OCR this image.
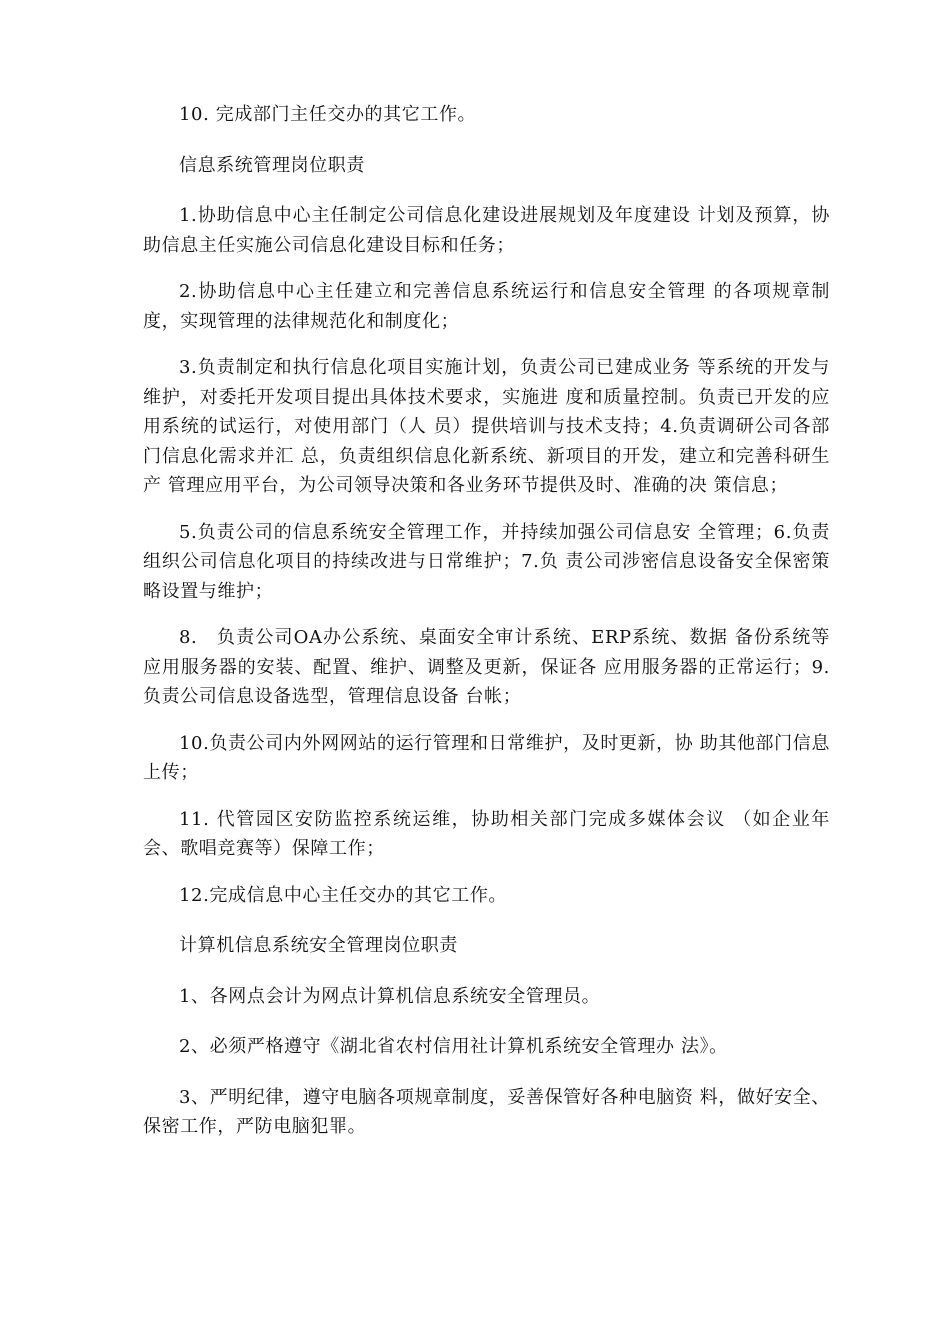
10. 完成部门主任交办的其它工作。

信息系统管理岗位职责

1.协助信息中心主任制定公司信息化建设进展规划及年度建设 计划及预算，协助信息主任实施公司信息化建设目标和任务；

2.协助信息中心主任建立和完善信息系统运行和信息安全管理 的各项规章制度，实现管理的法律规范化和制度化；

3.负责制定和执行信息化项目实施计划，负责公司已建成业务 等系统的开发与维护，对委托开发项目提出具体技术要求，实施进 度和质量控制。负责已开发的应用系统的试运行，对使用部门（人 员）提供培训与技术支持；4.负责调研公司各部门信息化需求并汇 总，负责组织信息化新系统、新项目的开发，建立和完善科研生产 管理应用平台，为公司领导决策和各业务环节提供及时、准确的决 策信息；

5.负责公司的信息系统安全管理工作，并持续加强公司信息安 全管理；6.负责组织公司信息化项目的持续改进与日常维护；7.负 责公司涉密信息设备安全保密策略设置与维护；

8.　负责公司OA办公系统、桌面安全审计系统、ERP系统、数据 备份系统等应用服务器的安装、配置、维护、调整及更新，保证各 应用服务器的正常运行；9.负责公司信息设备选型，管理信息设备 台帐；

10.负责公司内外网网站的运行管理和日常维护，及时更新，协 助其他部门信息上传；

11. 代管园区安防监控系统运维，协助相关部门完成多媒体会议 （如企业年会、歌唱竞赛等）保障工作；

12.完成信息中心主任交办的其它工作。

计算机信息系统安全管理岗位职责

1、各网点会计为网点计算机信息系统安全管理员。

2、必须严格遵守《湖北省农村信用社计算机系统安全管理办 法》。

3、严明纪律，遵守电脑各项规章制度，妥善保管好各种电脑资 料，做好安全、保密工作，严防电脑犯罪。
